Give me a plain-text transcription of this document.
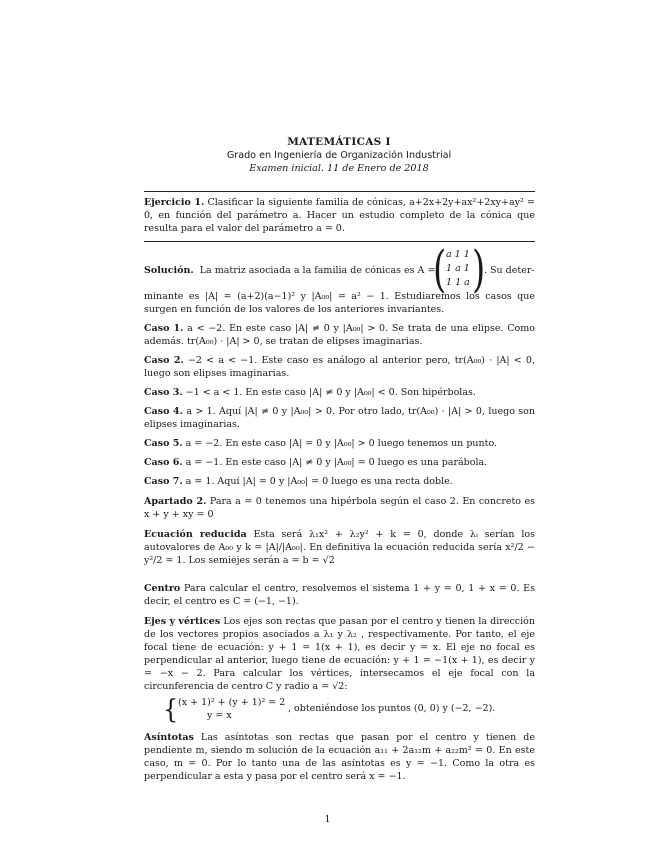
MATEMÁTICAS I
Grado en Ingeniería de Organización Industrial
Examen inicial. 11 de Enero de 2018
Ejercicio 1. Clasificar la siguiente familia de cónicas, a+2x+2y+ax²+2xy+ay² = 0, en función del parámetro a. Hacer un estudio completo de la cónica que resulta para el valor del parámetro a = 0.
Solución. La matriz asociada a la familia de cónicas es A =
( a 1 1
1 a 1
1 1 a )
. Su deter-
minante es |A| = (a+2)(a−1)² y |A₀₀| = a² − 1. Estudiaremos los casos que surgen en función de los valores de los anteriores invariantes.
Caso 1. a < −2. En este caso |A| ≠ 0 y |A₀₀| > 0. Se trata de una elipse. Como además. tr(A₀₀) · |A| > 0, se tratan de elipses imaginarias.
Caso 2. −2 < a < −1. Este caso es análogo al anterior pero, tr(A₀₀) · |A| < 0, luego son elipses imaginarias.
Caso 3. −1 < a < 1. En este caso |A| ≠ 0 y |A₀₀| < 0. Son hipérbolas.
Caso 4. a > 1. Aquí |A| ≠ 0 y |A₀₀| > 0. Por otro lado, tr(A₀₀) · |A| > 0, luego son elipses imaginarias.
Caso 5. a = −2. En este caso |A| = 0 y |A₀₀| > 0 luego tenemos un punto.
Caso 6. a = −1. En este caso |A| ≠ 0 y |A₀₀| = 0 luego es una parábola.
Caso 7. a = 1. Aquí |A| = 0 y |A₀₀| = 0 luego es una recta doble.
Apartado 2. Para a = 0 tenemos una hipérbola según el caso 2. En concreto es x + y + xy = 0
Ecuación reducida Esta será λ₁x² + λ₂y² + k = 0, donde λᵢ serían los autovalores de A₀₀ y k = |A|/|A₀₀|. En definitiva la ecuación reducida sería x²/2 − y²/2 = 1. Los semiejes serán a = b = √2
Centro Para calcular el centro, resolvemos el sistema 1 + y = 0, 1 + x = 0. Es decir, el centro es C = (−1, −1).
Ejes y vértices Los ejes son rectas que pasan por el centro y tienen la dirección de los vectores propios asociados a λ₁ y λ₂ , respectivamente. Por tanto, el eje focal tiene de ecuación: y + 1 = 1(x + 1), es decir y = x. El eje no focal es perpendicular al anterior, luego tiene de ecuación: y + 1 = −1(x + 1), es decir y = −x − 2. Para calcular los vértices, intersecamos el eje focal con la circunferencia de centro C y radio a = √2:
{ (x + 1)² + (y + 1)² = 2
y = x
, obteniéndose los puntos (0, 0) y (−2, −2).
Asíntotas Las asíntotas son rectas que pasan por el centro y tienen de pendiente m, siendo m solución de la ecuación a₁₁ + 2a₁₂m + a₂₂m² = 0. En este caso, m = 0. Por lo tanto una de las asíntotas es y = −1. Como la otra es perpendicular a esta y pasa por el centro será x = −1.
1
